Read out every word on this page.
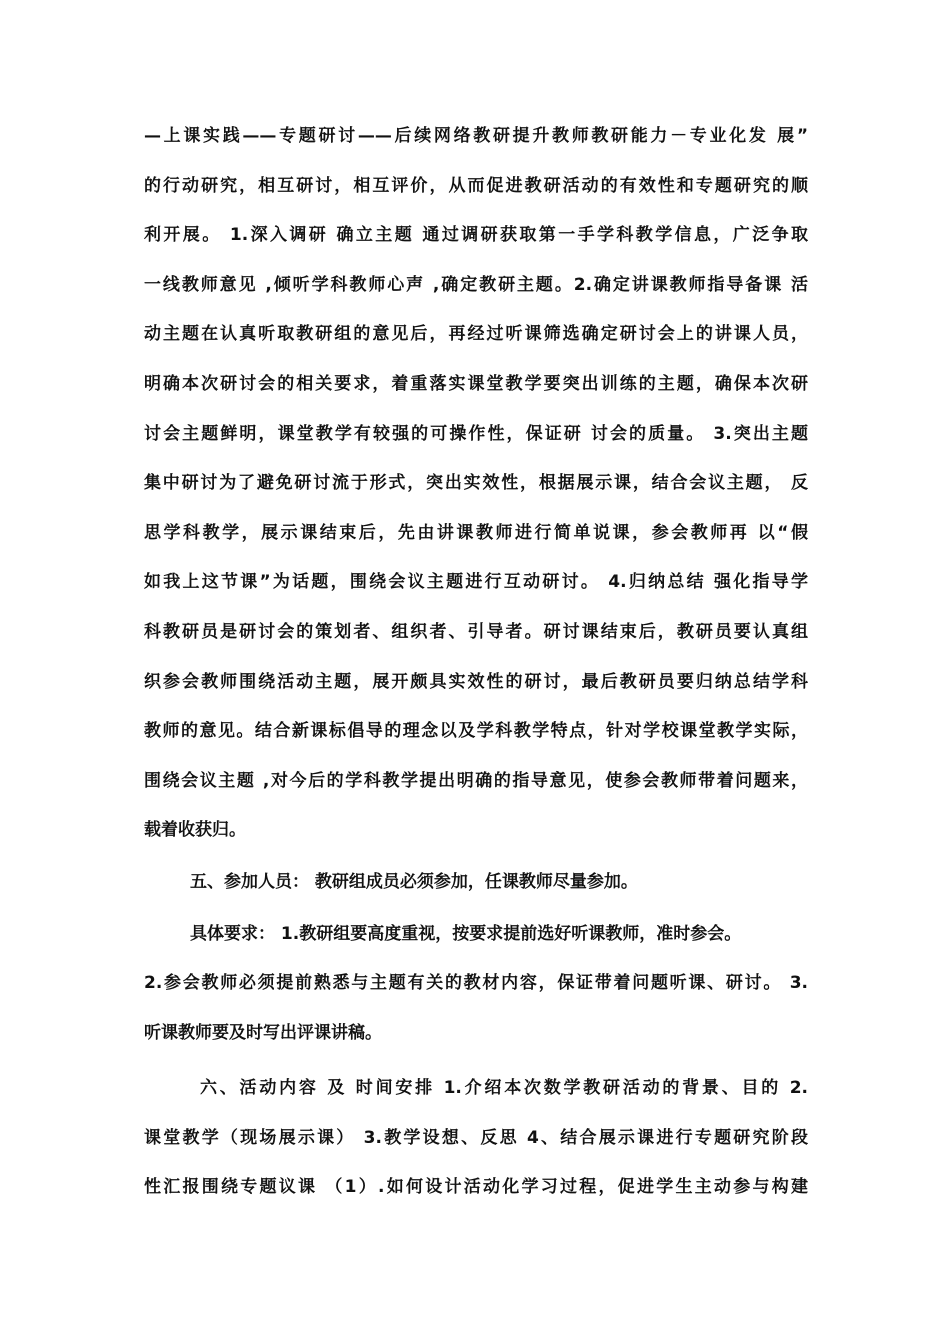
—上课实践——专题研讨——后续网络教研提升教师教研能力－专业化发 展”
的行动研究，相互研讨，相互评价，从而促进教研活动的有效性和专题研究的顺
利开展。 1.深入调研 确立主题 通过调研获取第一手学科教学信息，广泛争取
一线教师意见 ,倾听学科教师心声 ,确定教研主题。2.确定讲课教师指导备课 活
动主题在认真听取教研组的意见后，再经过听课筛选确定研讨会上的讲课人员，
明确本次研讨会的相关要求，着重落实课堂教学要突出训练的主题，确保本次研
讨会主题鲜明，课堂教学有较强的可操作性，保证研 讨会的质量。 3.突出主题
集中研讨为了避免研讨流于形式，突出实效性，根据展示课，结合会议主题， 反
思学科教学，展示课结束后，先由讲课教师进行简单说课，参会教师再 以“假
如我上这节课”为话题，围绕会议主题进行互动研讨。 4.归纳总结 强化指导学
科教研员是研讨会的策划者、组织者、引导者。研讨课结束后，教研员要认真组
织参会教师围绕活动主题，展开颇具实效性的研讨，最后教研员要归纳总结学科
教师的意见。结合新课标倡导的理念以及学科教学特点，针对学校课堂教学实际，
围绕会议主题 ,对今后的学科教学提出明确的指导意见，使参会教师带着问题来，
载着收获归。
五、参加人员： 教研组成员必须参加，任课教师尽量参加。
具体要求： 1.教研组要高度重视，按要求提前选好听课教师，准时参会。
2.参会教师必须提前熟悉与主题有关的教材内容，保证带着问题听课、研讨。 3.
听课教师要及时写出评课讲稿。
六、活动内容 及 时间安排 1.介绍本次数学教研活动的背景、目的 2.
课堂教学（现场展示课） 3.教学设想、反思 4、结合展示课进行专题研究阶段
性汇报围绕专题议课 （1）.如何设计活动化学习过程，促进学生主动参与构建
